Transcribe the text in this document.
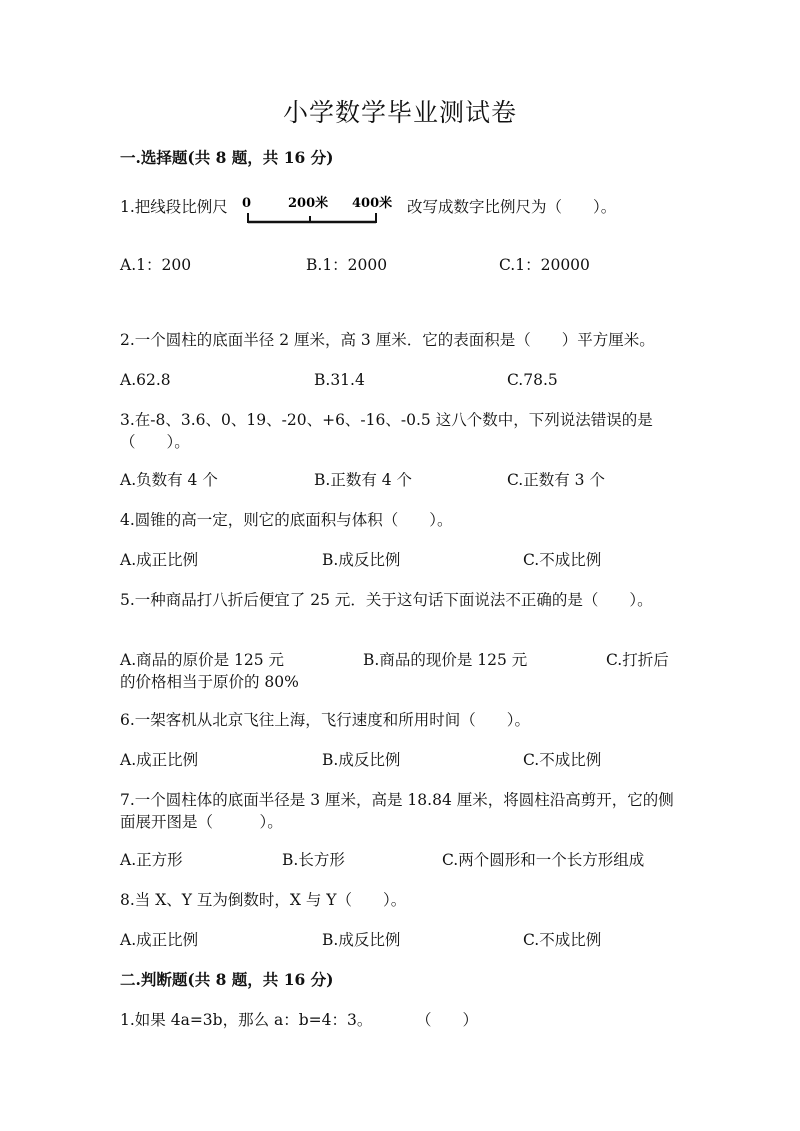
小学数学毕业测试卷
一.选择题(共 8 题，共 16 分)
1.把线段比例尺 0	200米 400米 改写成数字比例尺为（　　）。
A.1：200	B.1：2000	C.1：20000
2.一个圆柱的底面半径 2 厘米，高 3 厘米．它的表面积是（　　）平方厘米。
A.62.8	B.31.4	C.78.5
3.在-8、3.6、0、19、-20、+6、-16、-0.5 这八个数中，下列说法错误的是（　　）。
A.负数有 4 个	B.正数有 4 个	C.正数有 3 个
4.圆锥的高一定，则它的底面积与体积（　　）。
A.成正比例	B.成反比例	C.不成比例
5.一种商品打八折后便宜了 25 元．关于这句话下面说法不正确的是（　　）。
A.商品的原价是 125 元	B.商品的现价是 125 元	C.打折后
的价格相当于原价的 80%
6.一架客机从北京飞往上海，飞行速度和所用时间（　　）。
A.成正比例	B.成反比例	C.不成比例
7.一个圆柱体的底面半径是 3 厘米，高是 18.84 厘米，将圆柱沿高剪开，它的侧面展开图是（　　　）。
A.正方形	B.长方形	C.两个圆形和一个长方形组成
8.当 X、Y 互为倒数时，X 与 Y（　　）。
A.成正比例	B.成反比例	C.不成比例
二.判断题(共 8 题，共 16 分)
1.如果 4a=3b，那么 a：b=4：3。	（　　）
